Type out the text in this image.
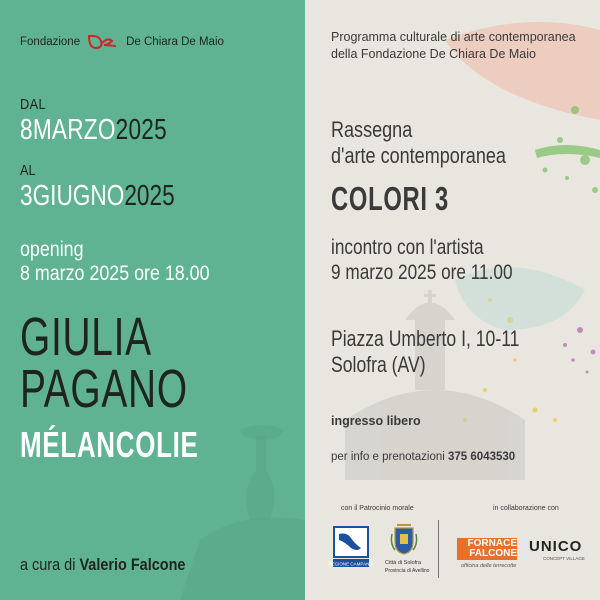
Fondazione	De Chiara De Maio
DAL
8MARZO2025
AL
3GIUGNO2025
opening
8 marzo 2025 ore 18.00
GIULIA
PAGANO
MÉLANCOLIE
a cura di Valerio Falcone
Programma culturale di arte contemporanea
della Fondazione De Chiara De Maio
Rassegna
d'arte contemporanea
COLORI 3
incontro con l'artista
9 marzo 2025 ore 11.00
Piazza Umberto I, 10-11
Solofra (AV)
ingresso libero
per info e prenotazioni 375 6043530
con il Patrocinio morale	in collaborazione con
REGIONE CAMPANIA Città di Solofra
Provincia di Avellino
FORNACE
FALCONE
officina delle terrecotte
UNICO
CONCEPT VILLAGE
